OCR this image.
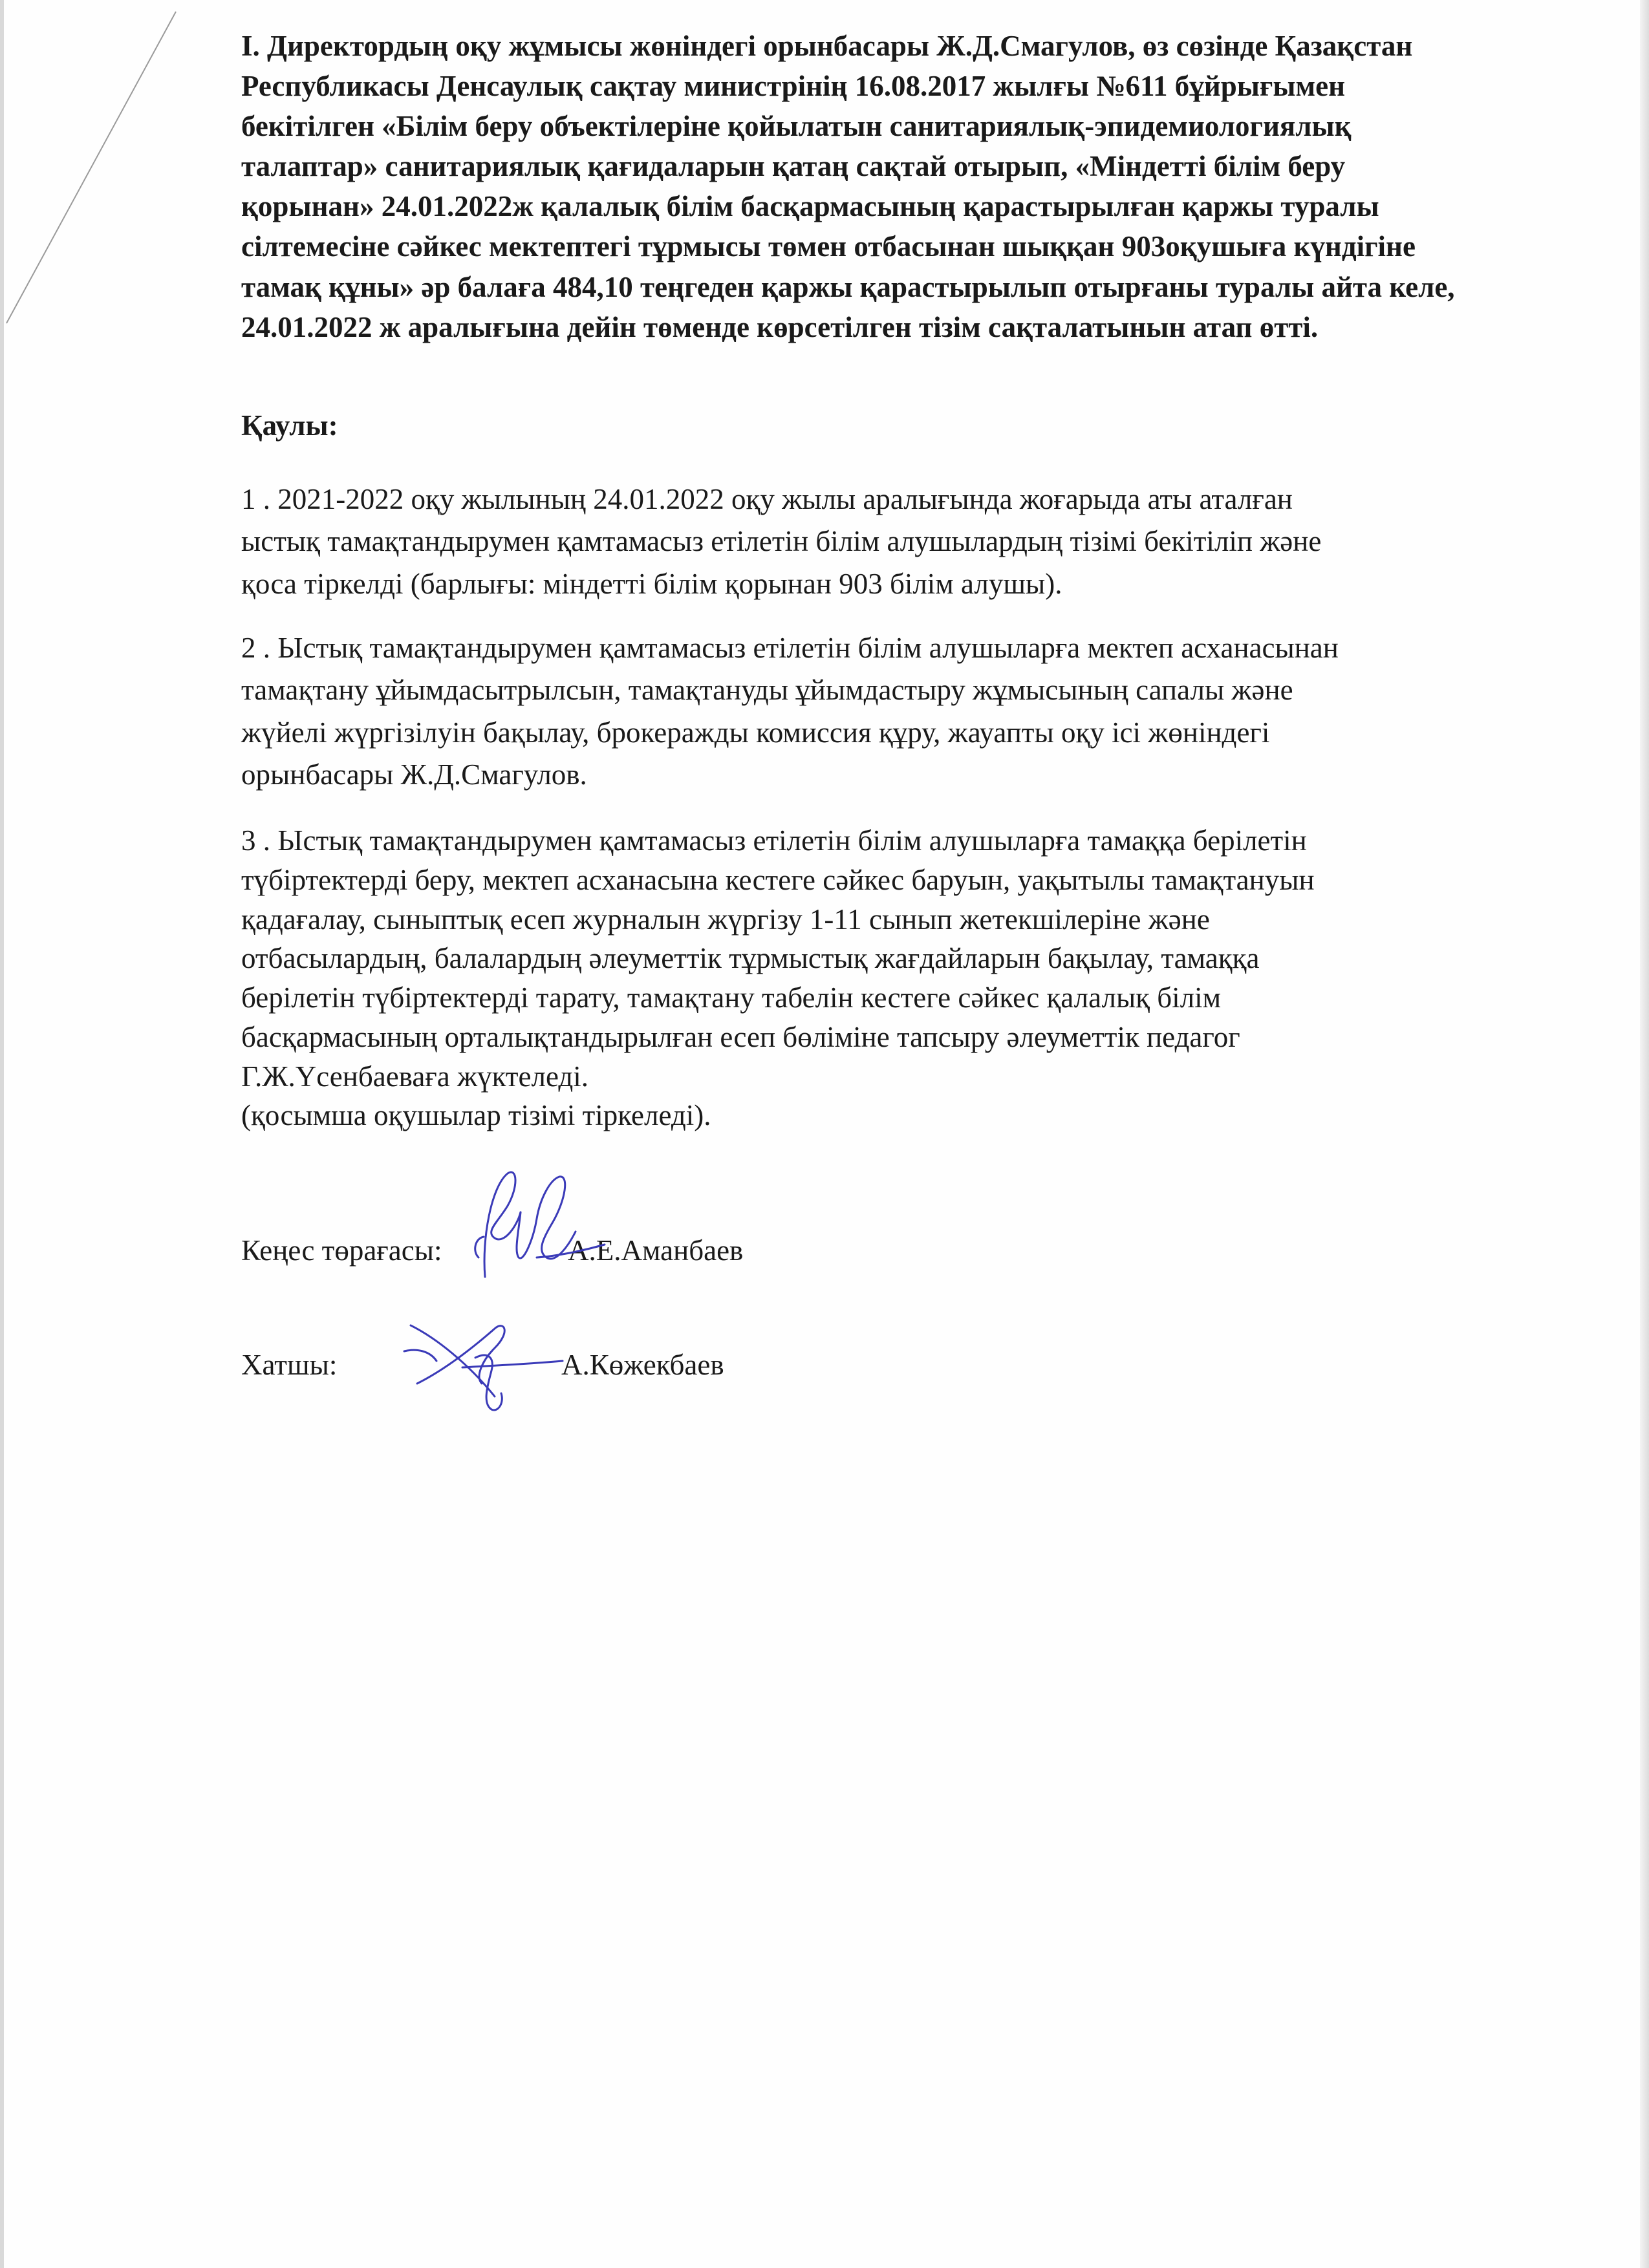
I. Директордың оқу жұмысы жөніндегі орынбасары Ж.Д.Смагулов, өз сөзінде Қазақстан
Республикасы Денсаулық сақтау министрінің 16.08.2017 жылғы №611 бұйрығымен
бекітілген «Білім беру объектілеріне қойылатын санитариялық-эпидемиологиялық
талаптар» санитариялық қағидаларын қатаң сақтай отырып, «Міндетті білім беру
қорынан» 24.01.2022ж қалалық білім басқармасының қарастырылған қаржы туралы
сілтемесіне сәйкес мектептегі тұрмысы төмен отбасынан шыққан 903оқушыға күндігіне
тамақ құны» әр балаға 484,10 теңгеден қаржы қарастырылып отырғаны туралы айта келе,
24.01.2022 ж аралығына дейін төменде көрсетілген тізім сақталатынын атап өтті.
Қаулы:
1 . 2021-2022 оқу жылының 24.01.2022 оқу жылы аралығында жоғарыда аты аталған
ыстық тамақтандырумен қамтамасыз етілетін білім алушылардың тізімі бекітіліп және
қоса тіркелді (барлығы: міндетті білім қорынан 903 білім алушы).
2 . Ыстық тамақтандырумен қамтамасыз етілетін білім алушыларға мектеп асханасынан
тамақтану ұйымдасытрылсын, тамақтануды ұйымдастыру жұмысының сапалы және
жүйелі жүргізілуін бақылау, брокеражды комиссия құру, жауапты оқу ісі жөніндегі
орынбасары Ж.Д.Смагулов.
3 . Ыстық тамақтандырумен қамтамасыз етілетін білім алушыларға тамаққа берілетін
түбіртектерді беру, мектеп асханасына кестеге сәйкес баруын, уақытылы тамақтануын
қадағалау, сыныптық есеп журналын жүргізу 1-11 сынып жетекшілеріне және
отбасылардың, балалардың әлеуметтік тұрмыстық жағдайларын бақылау, тамаққа
берілетін түбіртектерді тарату, тамақтану табелін кестеге сәйкес қалалық білім
басқармасының орталықтандырылған есеп бөліміне тапсыру әлеуметтік педагог
Г.Ж.Үсенбаеваға жүктеледі.
(қосымша оқушылар тізімі тіркеледі).
Кеңес төрағасы:	А.Е.Аманбаев
Хатшы:	А.Көжекбаев
